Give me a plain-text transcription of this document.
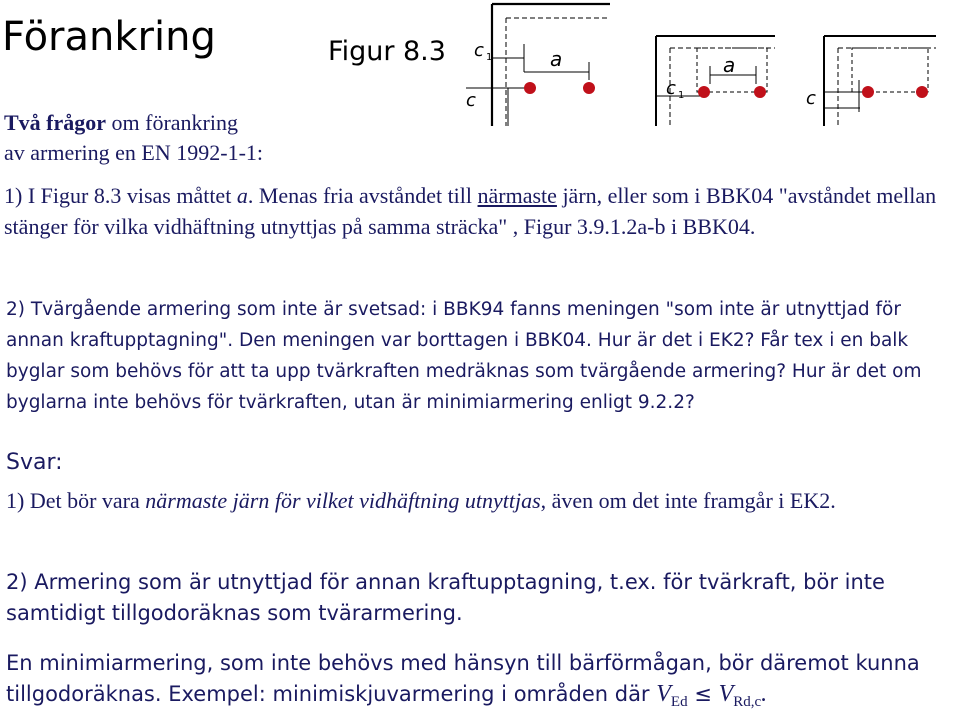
Förankring	Figur 8.3 c 1	a
c
a
c 1	c
Två frågor om förankring
av armering en EN 1992-1-1:
1) I Figur 8.3 visas måttet a. Menas fria avståndet till närmaste järn, eller som i BBK04 "avståndet mellan stänger för vilka vidhäftning utnyttjas på samma sträcka" , Figur 3.9.1.2a-b i BBK04.
2) Tvärgående armering som inte är svetsad: i BBK94 fanns meningen "som inte är utnyttjad för annan kraftupptagning". Den meningen var borttagen i BBK04. Hur är det i EK2? Får tex i en balk byglar som behövs för att ta upp tvärkraften medräknas som tvärgående armering? Hur är det om byglarna inte behövs för tvärkraften, utan är minimiarmering enligt 9.2.2?
Svar:
1) Det bör vara närmaste järn för vilket vidhäftning utnyttjas, även om det inte framgår i EK2.
2) Armering som är utnyttjad för annan kraftupptagning, t.ex. för tvärkraft, bör inte samtidigt tillgodoräknas som tvärarmering.
En minimiarmering, som inte behövs med hänsyn till bärförmågan, bör däremot kunna tillgodoräknas. Exempel: minimiskjuvarmering i områden där $V_{Ed} \le V_{Rd,c}$.
